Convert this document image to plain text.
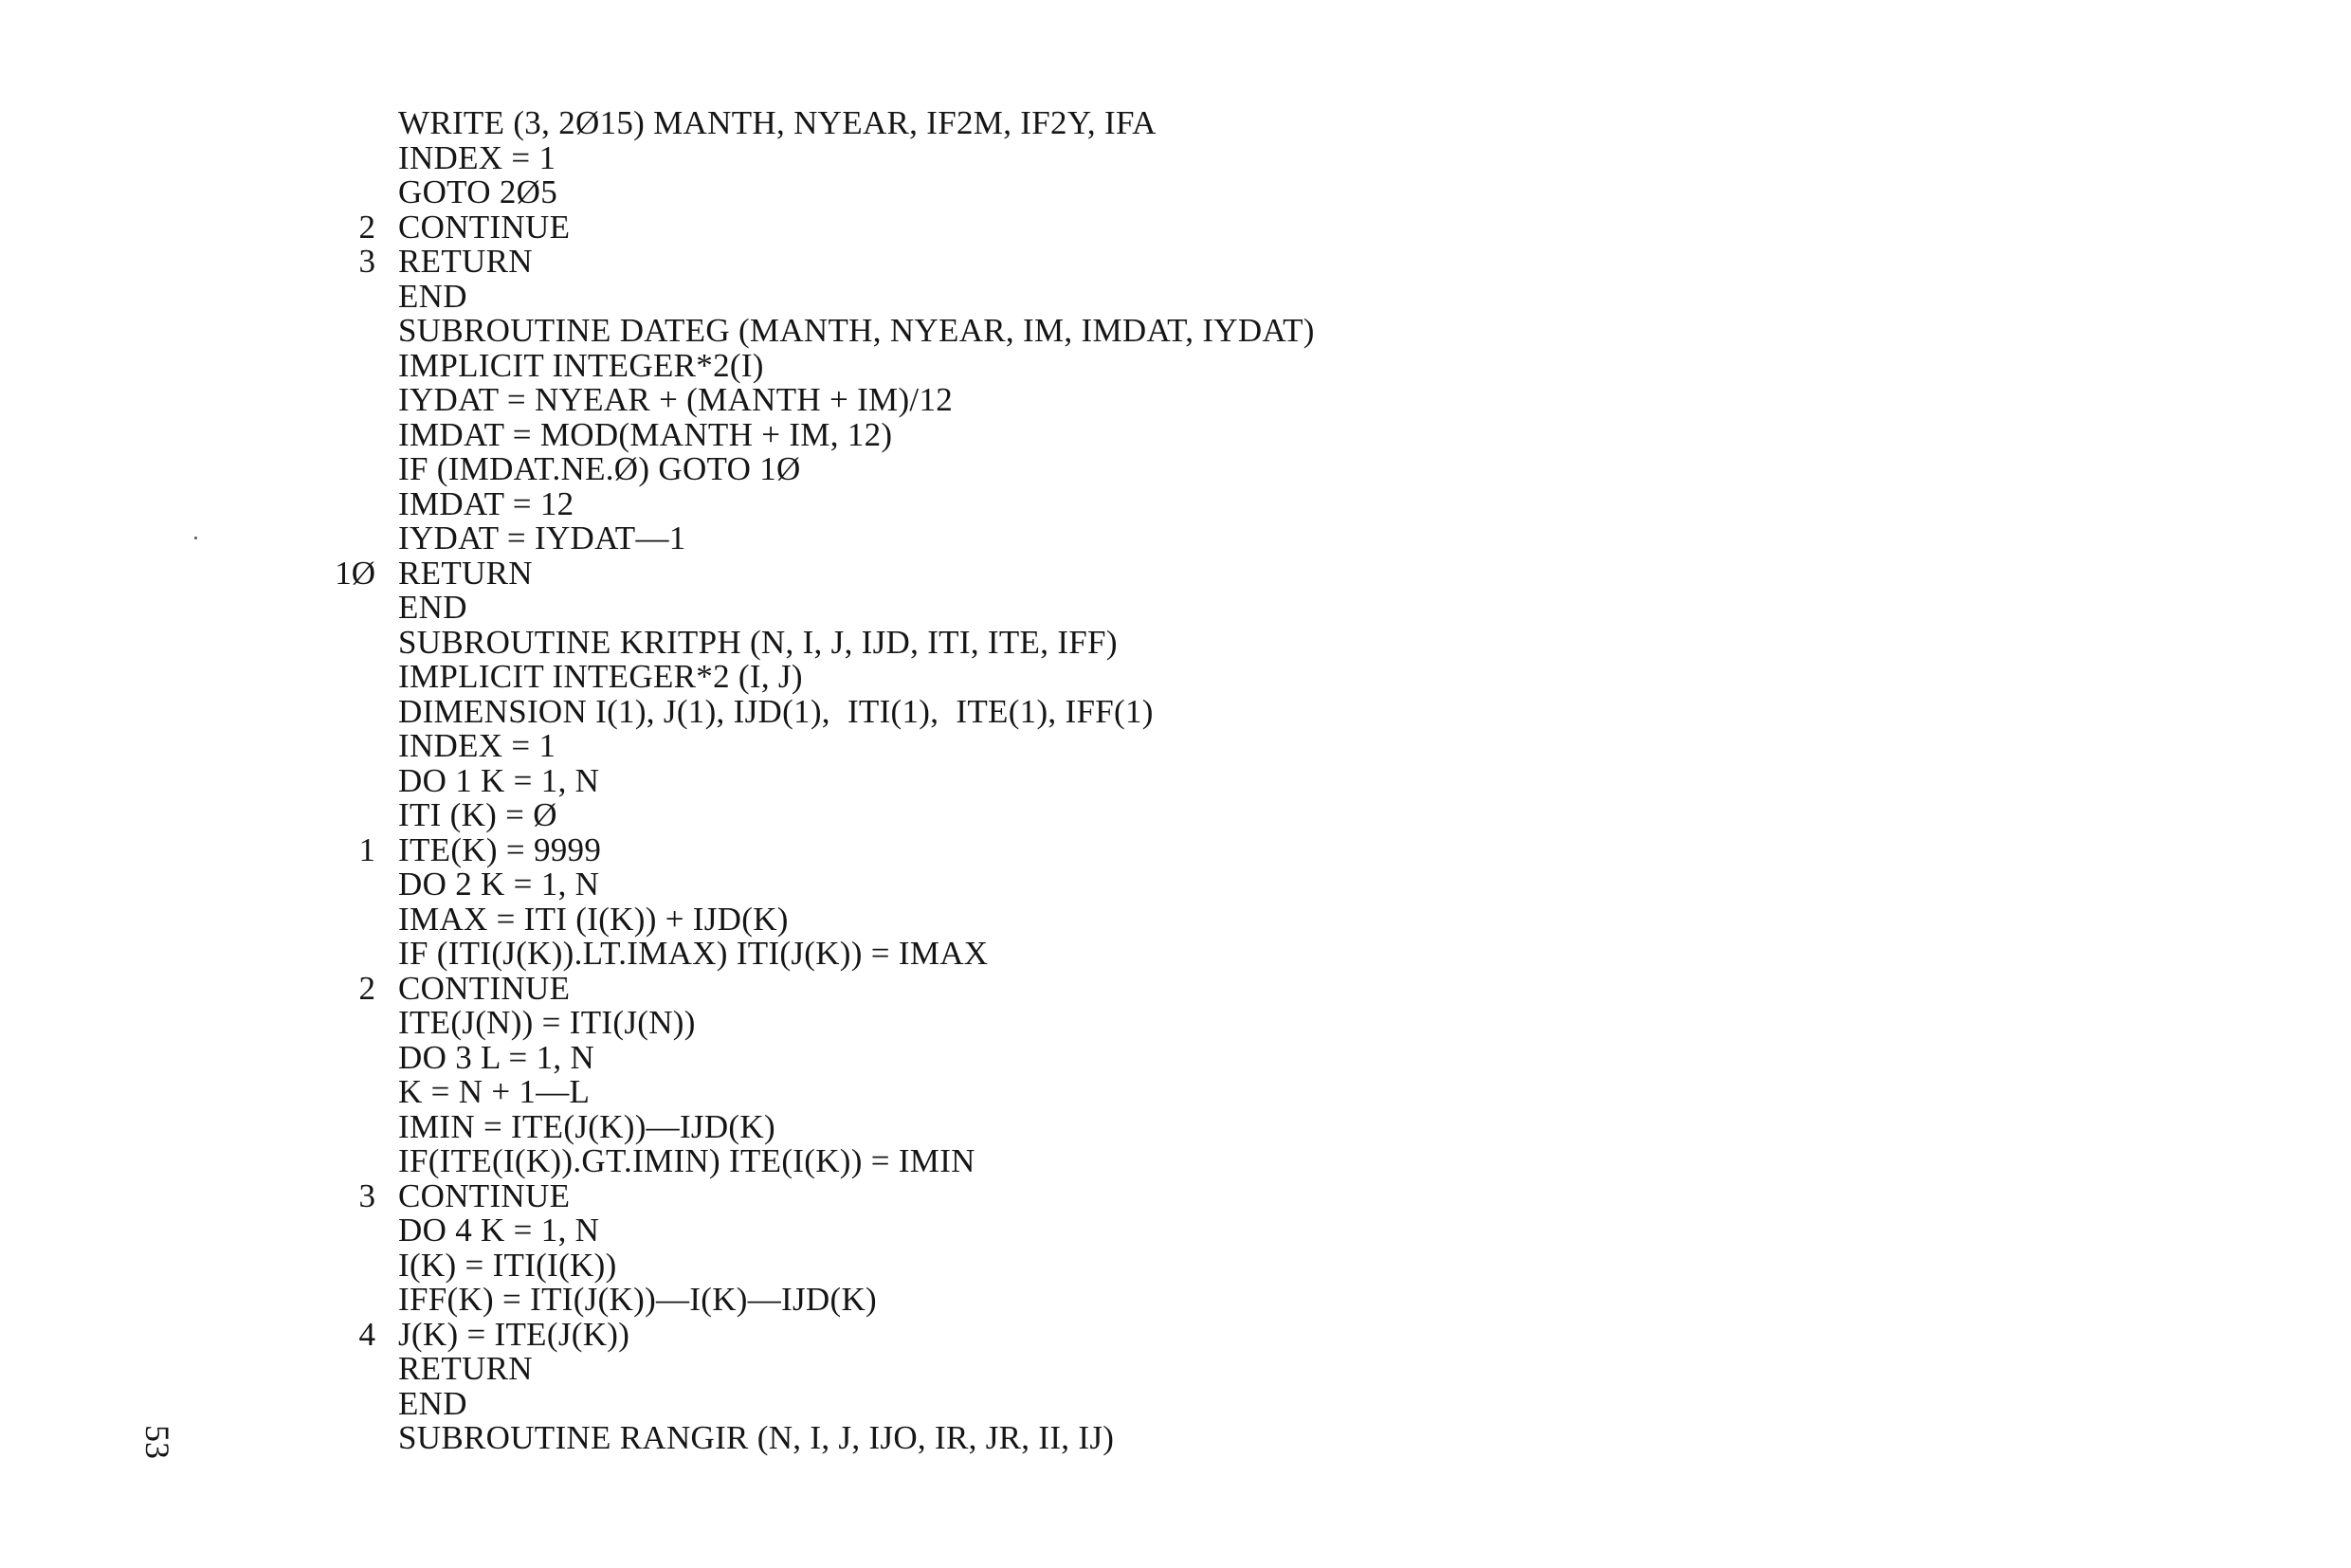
WRITE (3, 2Ø15) MANTH, NYEAR, IF2M, IF2Y, IFA
INDEX = 1
GOTO 2Ø5
2 CONTINUE
3 RETURN
END
SUBROUTINE DATEG (MANTH, NYEAR, IM, IMDAT, IYDAT)
IMPLICIT INTEGER*2(I)
IYDAT = NYEAR + (MANTH + IM)/12
IMDAT = MOD(MANTH + IM, 12)
IF (IMDAT.NE.Ø) GOTO 1Ø
IMDAT = 12
IYDAT = IYDAT—1
1Ø RETURN
END
SUBROUTINE KRITPH (N, I, J, IJD, ITI, ITE, IFF)
IMPLICIT INTEGER*2 (I, J)
DIMENSION I(1), J(1), IJD(1),  ITI(1),  ITE(1), IFF(1)
INDEX = 1
DO 1 K = 1, N
ITI (K) = Ø
1 ITE(K) = 9999
DO 2 K = 1, N
IMAX = ITI (I(K)) + IJD(K)
IF (ITI(J(K)).LT.IMAX) ITI(J(K)) = IMAX
2 CONTINUE
ITE(J(N)) = ITI(J(N))
DO 3 L = 1, N
K = N + 1—L
IMIN = ITE(J(K))—IJD(K)
IF(ITE(I(K)).GT.IMIN) ITE(I(K)) = IMIN
3 CONTINUE
DO 4 K = 1, N
I(K) = ITI(I(K))
IFF(K) = ITI(J(K))—I(K)—IJD(K)
4 J(K) = ITE(J(K))
RETURN
END
SUBROUTINE RANGIR (N, I, J, IJO, IR, JR, II, IJ)
53
